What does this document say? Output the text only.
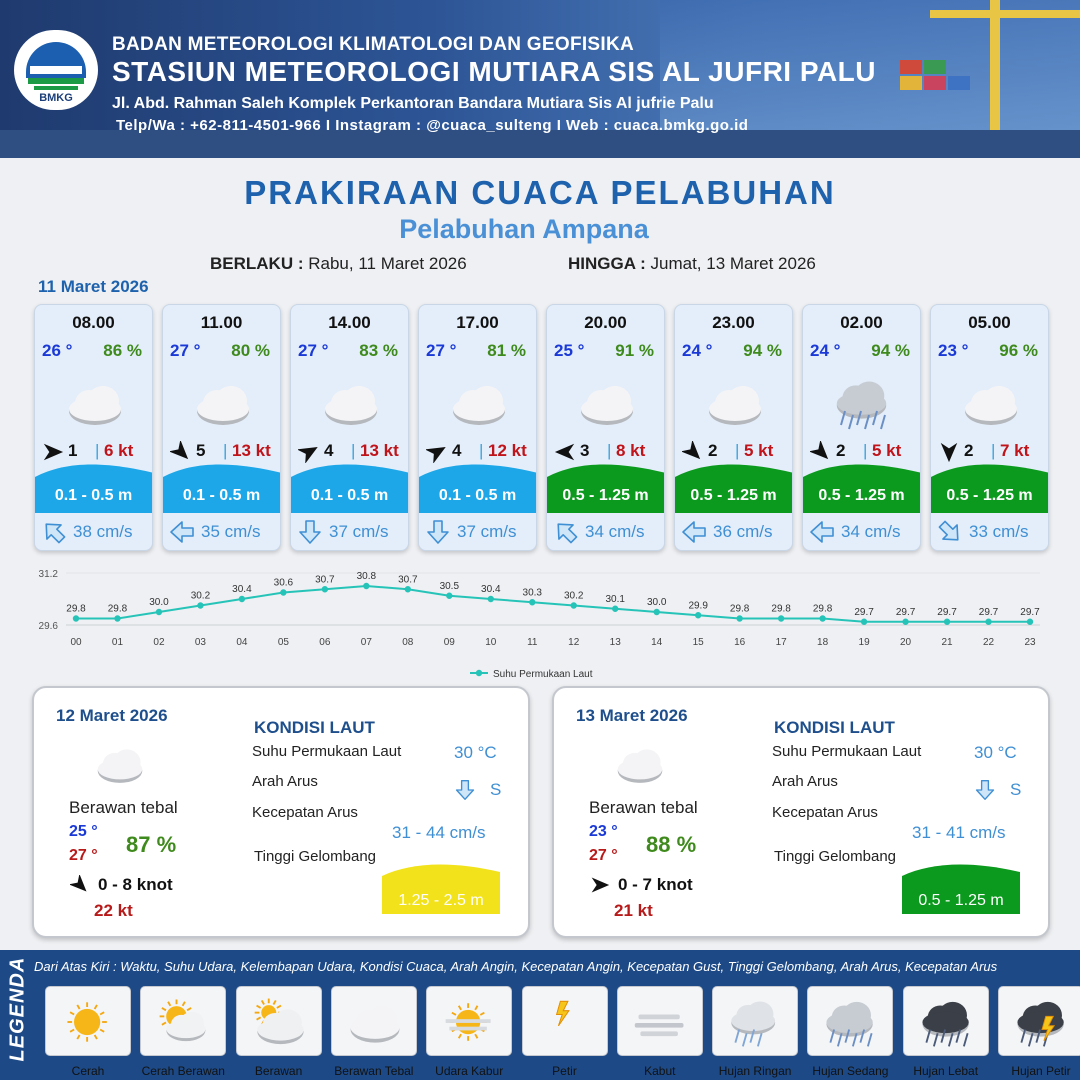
BMKG
BADAN METEOROLOGI KLIMATOLOGI DAN GEOFISIKA
STASIUN METEOROLOGI MUTIARA SIS AL JUFRI PALU
Jl. Abd. Rahman Saleh Komplek Perkantoran Bandara Mutiara Sis Al jufrie Palu
Telp/Wa : +62-811-4501-966 I Instagram : @cuaca_sulteng I Web : cuaca.bmkg.go.id
PRAKIRAAN CUACA PELABUHAN
Pelabuhan Ampana
BERLAKU : Rabu, 11 Maret 2026	HINGGA : Jumat, 13 Maret 2026
11 Maret 2026
08.00
26 ° 86 %
1 | 6 kt
0.1 - 0.5 m
38 cm/s
11.00
27 ° 80 %
5 | 13 kt
0.1 - 0.5 m
35 cm/s
14.00
27 ° 83 %
4 | 13 kt
0.1 - 0.5 m
37 cm/s
17.00
27 ° 81 %
4 | 12 kt
0.1 - 0.5 m
37 cm/s
20.00
25 ° 91 %
3 | 8 kt
0.5 - 1.25 m
34 cm/s
23.00
24 ° 94 %
2 | 5 kt
0.5 - 1.25 m
36 cm/s
02.00
24 ° 94 %
2 | 5 kt
0.5 - 1.25 m
34 cm/s
05.00
23 ° 96 %
2 | 7 kt
0.5 - 1.25 m
33 cm/s
31.2
29.6
29.8
00
29.8
01
30.0
02
30.2
03
30.4
04
30.6
05
30.7
06
30.8
07
30.7
08
30.5
09
30.4
10
30.3
11
30.2
12
30.1
13
30.0
14
29.9
15
29.8
16
29.8
17
29.8
18
29.7
19
29.7
20
29.7
21
29.7
22
29.7
23
Suhu Permukaan Laut
12 Maret 2026
Berawan tebal
25 °
27 ° 87 %
0 - 8 knot
22 kt
KONDISI LAUT
Suhu Permukaan Laut	30 °C
Arah Arus	S
Kecepatan Arus
31 - 44 cm/s
Tinggi Gelombang
1.25 - 2.5 m
13 Maret 2026
Berawan tebal
23 °
27 ° 88 %
0 - 7 knot
21 kt
KONDISI LAUT
Suhu Permukaan Laut	30 °C
Arah Arus	S
Kecepatan Arus
31 - 41 cm/s
Tinggi Gelombang
0.5 - 1.25 m
LEGENDA Dari Atas Kiri : Waktu, Suhu Udara, Kelembapan Udara, Kondisi Cuaca, Arah Angin, Kecepatan Angin, Kecepatan Gust, Tinggi Gelombang, Arah Arus, Kecepatan Arus
Cerah	Cerah Berawan	Berawan	Berawan Tebal	Udara Kabur	Petir	Kabut	Hujan Ringan	Hujan Sedang	Hujan Lebat	Hujan Petir
